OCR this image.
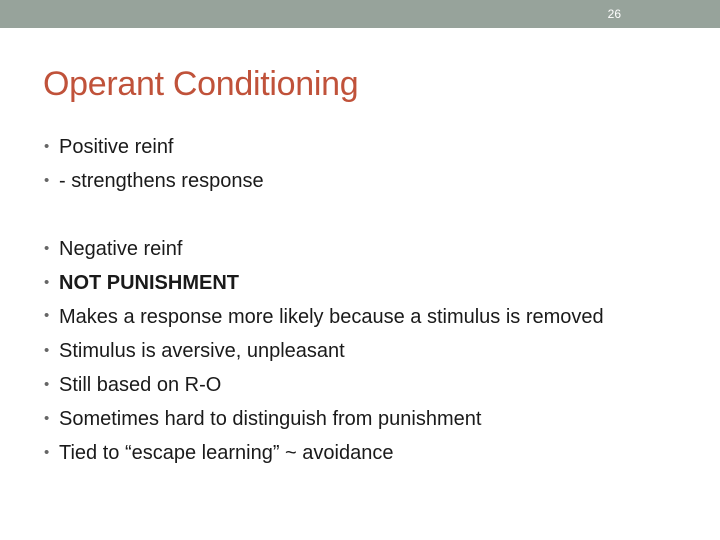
26
Operant Conditioning
• Positive reinf
• - strengthens response
• Negative reinf
• NOT PUNISHMENT
• Makes a response more likely because a stimulus is removed
• Stimulus is aversive, unpleasant
• Still based on R-O
• Sometimes hard to distinguish from punishment
• Tied to “escape learning” ~ avoidance
